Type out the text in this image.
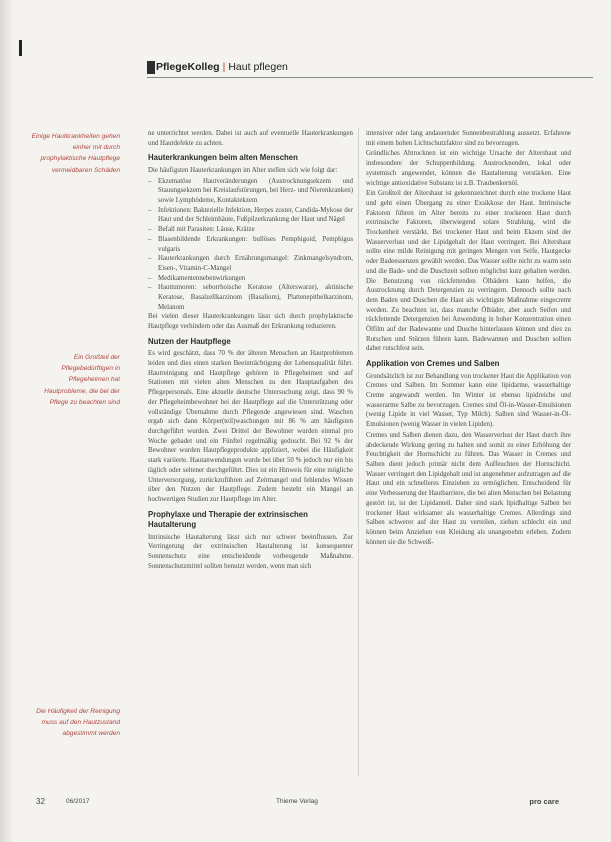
PflegeKolleg | Haut pflegen

Einige Hautkrankheiten gehen einher mit durch prophylaktische Hautpflege vermeidbaren Schäden

Ein Großteil der Pflegebedürftigen in Pflegeheimen hat Hautprobleme, die bei der Pflege zu beachten sind

Die Häufigkeit der Reinigung muss auf den Hautzustand abgestimmt werden

ne unterrichtet werden. Dabei ist auch auf eventuelle Hauterkrankungen und Hautdefekte zu achten.

Hauterkrankungen beim alten Menschen

Die häufigsten Hauterkrankungen im Alter stellen sich wie folgt dar:

– Ekzematöse Hautveränderungen (Austrocknungsekzem und Stauungsekzem bei Kreislaufstörungen, bei Herz- und Nierenkranken) sowie Lymphödeme, Kontaktekzem
– Infektionen: Bakterielle Infektion, Herpes zoster, Candida-Mykose der Haut und der Schleimhäute, Fußpilzerkrankung der Haut und Nägel
– Befall mit Parasiten: Läuse, Krätze
– Blasenbildende Erkrankungen: bullöses Pemphigoid, Pemphigus vulgaris
– Hauterkrankungen durch Ernährungsmangel: Zinkmangelsyndrom, Eisen-, Vitamin-C-Mangel
– Medikamentennebenwirkungen
– Hauttumoren: seborrhoische Keratose (Alterswarze), aktinische Keratose, Basalzellkarzinom (Basaliom), Plattenepithelkarzinom, Melanom

Bei vielen dieser Hauterkrankungen lässt sich durch prophylaktische Hautpflege verhindern oder das Ausmaß der Erkrankung reduzieren.

Nutzen der Hautpflege

Es wird geschätzt, dass 70 % der älteren Menschen an Hautproblemen leiden und dies einen starken Beeinträchtigung der Lebensqualität führt. Hautreinigung und Hautpflege gehören in Pflegeheimen und auf Stationen mit vielen alten Menschen zu den Hauptaufgaben des Pflegepersonals. Eine aktuelle deutsche Untersuchung zeigt, dass 90 % der Pflegeheimbewohner bei der Hautpflege auf die Unterstützung oder vollständige Übernahme durch Pflegende angewiesen sind. Waschen ergab sich dann Körper(teil)waschungen mit 86 % am häufigsten durchgeführt wurden. Zwei Drittel der Bewohner wurden einmal pro Woche gebadet und ein Fünftel regelmäßig geduscht. Bei 92 % der Bewohner wurden Hautpflegeprodukte appliziert, wobei die Häufigkeit stark variierte. Hautanwendungen wurde bei über 50 % jedoch nur ein bis täglich oder seltener durchgeführt. Dies ist ein Hinweis für eine mögliche Unterversorgung, zurückzuführen auf Zeitmangel und fehlendes Wissen über den Nutzen der Hautpflege. Zudem besteht ein Mangel an hochwertigen Studien zur Hautpflege im Alter.

Prophylaxe und Therapie der extrinsischen Hautalterung

Intrinsische Hautalterung lässt sich nur schwer beeinflussen. Zur Verringerung der extrinsischen Hautalterung ist konsequenter Sonnenschutz eine entscheidende vorbeugende Maßnahme. Sonnenschutzmittel sollten benutzt werden, wenn man sich

intensiver oder lang andauernder Sonnenbestrahlung aussetzt. Erfahrene mit einem hohen Lichtschutzfaktor sind zu bevorzugen.

Gründliches Abtrocknen ist ein wichtige Ursache der Altershaut und insbesondere der Schuppenbildung. Austrocknenden, lokal oder systemisch angewendet, können die Hautalterung verstärken. Eine wichtige antioxidative Substanz ist z.B. Traubenkernöl.

Ein Großteil der Altershaut ist gekennzeichnet durch eine trockene Haut und geht einen Übergang zu einer Exsikkose der Haut. Intrinsische Faktoren führen im Alter bereits zu einer trockenen Haut durch extrinsische Faktoren, überwiegend solare Strahlung, wird die Trockenheit verstärkt. Bei trockener Haut und beim Ekzem sind der Wasserverlust und der Lipidgehalt der Haut verringert. Bei Altershaut sollte eine milde Reinigung mit geringen Mengen von Seife, Hautgecke oder Badeessenzen gewählt werden. Das Wasser sollte nicht zu warm sein und die Bade- und die Duschzeit sollten möglichst kurz gehalten werden. Die Benutzung von rückfettenden Ölbädern kann helfen, die Austrocknung durch Detergenzien zu verringern. Dennoch sollte nach dem Baden und Duschen die Haut als wichtigste Maßnahme eingecremt werden. Zu beachten ist, dass manche Ölbäder, aber auch Seifen und rückfettende Detergenzien bei Anwendung in hoher Konzentration einen Ölfilm auf der Badewanne und Dusche hinterlassen können und dies zu Rutschen und Stürzen führen kann. Badewannen und Duschen sollten daher rutschfest sein.

Applikation von Cremes und Salben

Grundsätzlich ist zur Behandlung von trockener Haut die Applikation von Cremes und Salben. Im Sommer kann eine lipidarme, wasserhaltige Creme angewandt werden. Im Winter ist ebenso lipidreiche und wasserarme Salbe zu bevorzugen. Cremes sind Öl-in-Wasser-Emulsionen (wenig Lipide in viel Wasser, Typ Milch). Salben sind Wasser-in-Öl-Emulsionen (wenig Wasser in vielen Lipiden).

Cremes und Salben dienen dazu, den Wasserverlust der Haut durch ihre abdeckende Wirkung gering zu halten und somit zu einer Erhöhung der Feuchtigkeit der Hornschicht zu führen. Das Wasser in Cremes und Salben dient jedoch primär nicht dem Auffeuchten der Hornschicht. Wasser verringert den Lipidgehalt und ist angenehmer aufzutragen auf die Haut und ein schnelleres Einziehen zu ermöglichen. Entscheidend für eine Verbesserung der Hautbarriere, die bei alten Menschen bei Belastung gestört ist, ist der Lipidanteil. Daher sind stark lipidhaltige Salben bei trockener Haut wirksamer als wasserhaltige Cremes. Allerdings sind Salben schwerer auf der Haut zu verteilen, ziehen schlecht ein und können beim Anziehen von Kleidung als unangenehm erleben. Zudem können sie die Schweiß-

32	06/2017	Thieme Verlag	pro care
